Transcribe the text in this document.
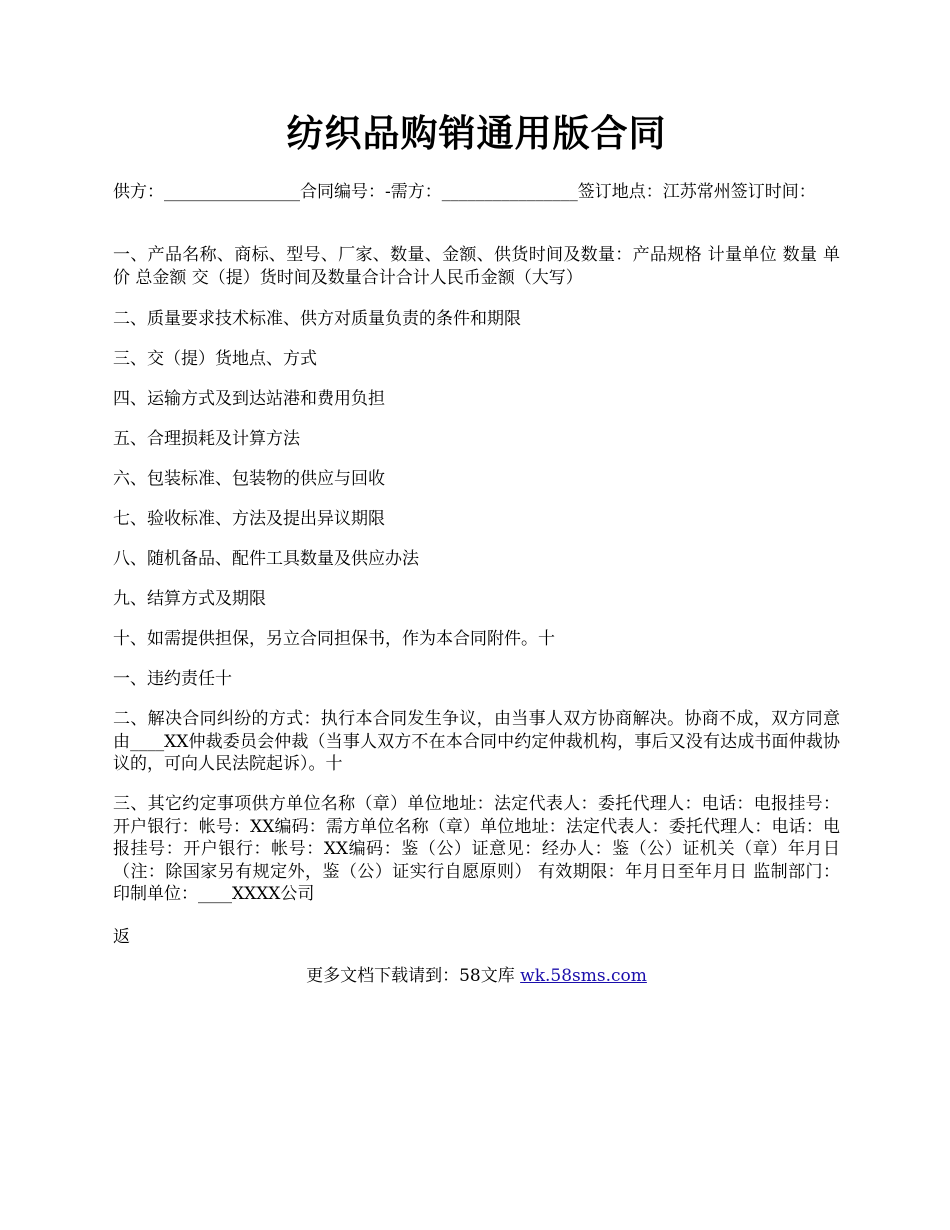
纺织品购销通用版合同
供方：________________合同编号：-需方：________________签订地点：江苏常州签订时间：
一、产品名称、商标、型号、厂家、数量、金额、供货时间及数量：产品规格 计量单位 数量 单价 总金额 交（提）货时间及数量合计合计人民币金额（大写）
二、质量要求技术标准、供方对质量负责的条件和期限
三、交（提）货地点、方式
四、运输方式及到达站港和费用负担
五、合理损耗及计算方法
六、包装标准、包装物的供应与回收
七、验收标准、方法及提出异议期限
八、随机备品、配件工具数量及供应办法
九、结算方式及期限
十、如需提供担保，另立合同担保书，作为本合同附件。十
一、违约责任十
二、解决合同纠纷的方式：执行本合同发生争议，由当事人双方协商解决。协商不成，双方同意由____XX仲裁委员会仲裁（当事人双方不在本合同中约定仲裁机构，事后又没有达成书面仲裁协议的，可向人民法院起诉）。十
三、其它约定事项供方单位名称（章）单位地址：法定代表人：委托代理人：电话：电报挂号：开户银行：帐号：XX编码：需方单位名称（章）单位地址：法定代表人：委托代理人：电话：电报挂号：开户银行：帐号：XX编码：鉴（公）证意见：经办人：鉴（公）证机关（章）年月日（注：除国家另有规定外，鉴（公）证实行自愿原则） 有效期限：年月日至年月日 监制部门： 印制单位：____XXXX公司
返
更多文档下载请到：58文库 wk.58sms.com
